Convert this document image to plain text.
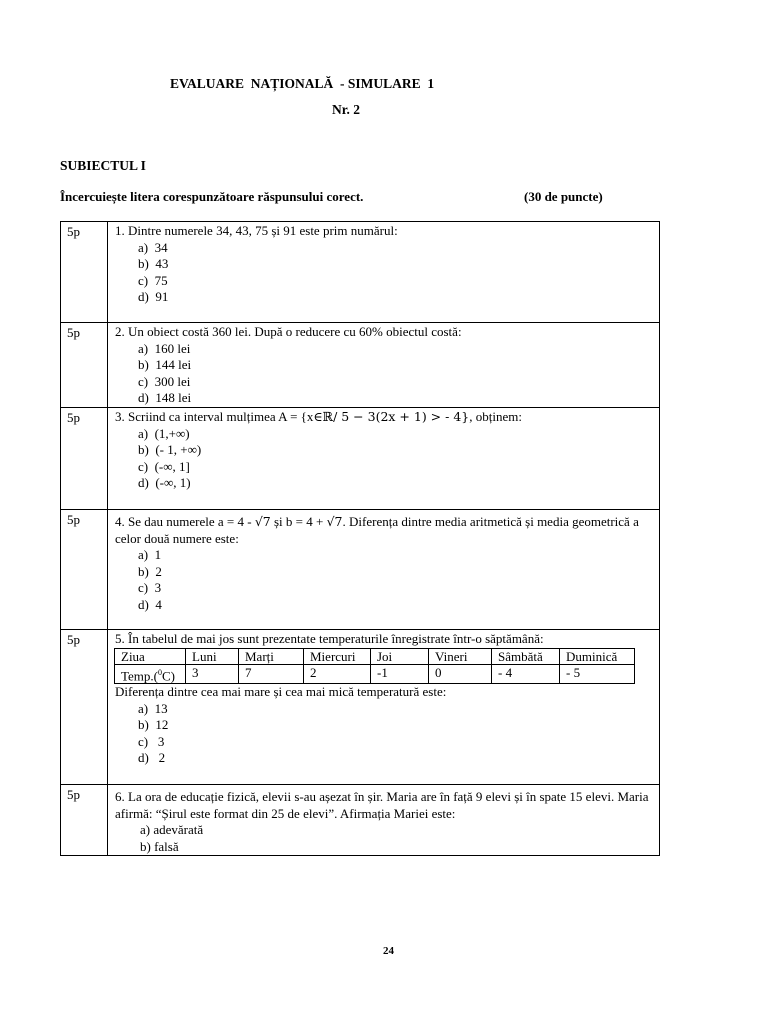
EVALUARE  NAȚIONALĂ  - SIMULARE  1
Nr. 2
SUBIECTUL I
Încercuiește litera corespunzătoare răspunsului corect.	(30 de puncte)
5p	1. Dintre numerele 34, 43, 75 și 91 este prim numărul:
a)  34
b)  43
c)  75
d)  91

5p	2. Un obiect costă 360 lei. După o reducere cu 60% obiectul costă:
a)  160 lei
b)  144 lei
c)  300 lei
d)  148 lei

5p	3. Scriind ca interval mulțimea A = {x∈ℝ/ 5 − 3(2x + 1) > - 4}, obținem:
a)  (1,+∞)
b)  (- 1, +∞)
c)  (-∞, 1]
d)  (-∞, 1)

5p	4. Se dau numerele a = 4 - √7 și b = 4 + √7. Diferența dintre media aritmetică și media geometrică a celor două numere este:
a)  1
b)  2
c)  3
d)  4

5p	5. În tabelul de mai jos sunt prezentate temperaturile înregistrate într-o săptămână:
Ziua	Luni	Marți	Miercuri	Joi	Vineri	Sâmbătă	Duminică
Temp.($^0$C)	3	7	2	-1	0	- 4	- 5
Diferența dintre cea mai mare și cea mai mică temperatură este:
a)  13
b)  12
c)   3
d)   2

5p	6. La ora de educație fizică, elevii s-au așezat în șir. Maria are în față 9 elevi și în spate 15 elevi. Maria afirmă: “Șirul este format din 25 de elevi”. Afirmația Mariei este:
a) adevărată
b) falsă
24
